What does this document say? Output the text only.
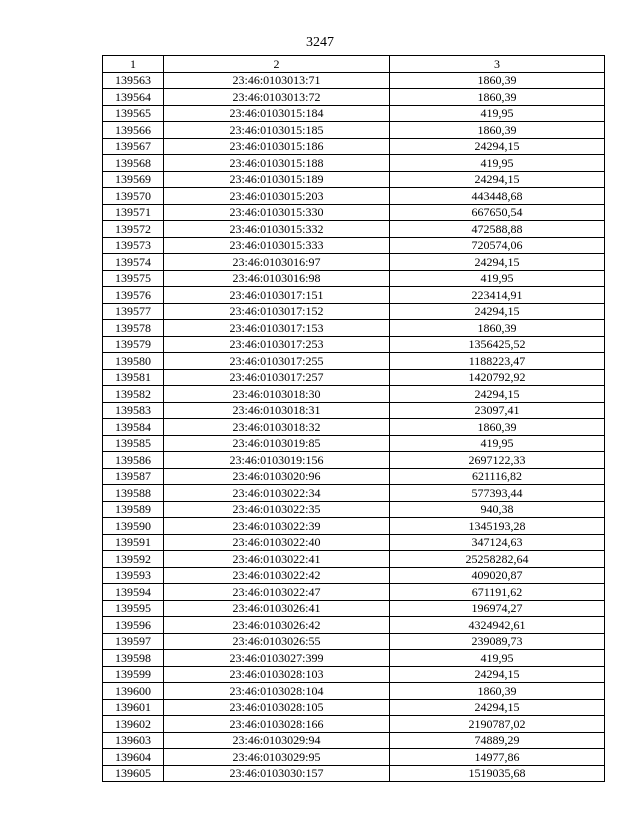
3247
1	2	3
139563	23:46:0103013:71	1860,39
139564	23:46:0103013:72	1860,39
139565	23:46:0103015:184	419,95
139566	23:46:0103015:185	1860,39
139567	23:46:0103015:186	24294,15
139568	23:46:0103015:188	419,95
139569	23:46:0103015:189	24294,15
139570	23:46:0103015:203	443448,68
139571	23:46:0103015:330	667650,54
139572	23:46:0103015:332	472588,88
139573	23:46:0103015:333	720574,06
139574	23:46:0103016:97	24294,15
139575	23:46:0103016:98	419,95
139576	23:46:0103017:151	223414,91
139577	23:46:0103017:152	24294,15
139578	23:46:0103017:153	1860,39
139579	23:46:0103017:253	1356425,52
139580	23:46:0103017:255	1188223,47
139581	23:46:0103017:257	1420792,92
139582	23:46:0103018:30	24294,15
139583	23:46:0103018:31	23097,41
139584	23:46:0103018:32	1860,39
139585	23:46:0103019:85	419,95
139586	23:46:0103019:156	2697122,33
139587	23:46:0103020:96	621116,82
139588	23:46:0103022:34	577393,44
139589	23:46:0103022:35	940,38
139590	23:46:0103022:39	1345193,28
139591	23:46:0103022:40	347124,63
139592	23:46:0103022:41	25258282,64
139593	23:46:0103022:42	409020,87
139594	23:46:0103022:47	671191,62
139595	23:46:0103026:41	196974,27
139596	23:46:0103026:42	4324942,61
139597	23:46:0103026:55	239089,73
139598	23:46:0103027:399	419,95
139599	23:46:0103028:103	24294,15
139600	23:46:0103028:104	1860,39
139601	23:46:0103028:105	24294,15
139602	23:46:0103028:166	2190787,02
139603	23:46:0103029:94	74889,29
139604	23:46:0103029:95	14977,86
139605	23:46:0103030:157	1519035,68
